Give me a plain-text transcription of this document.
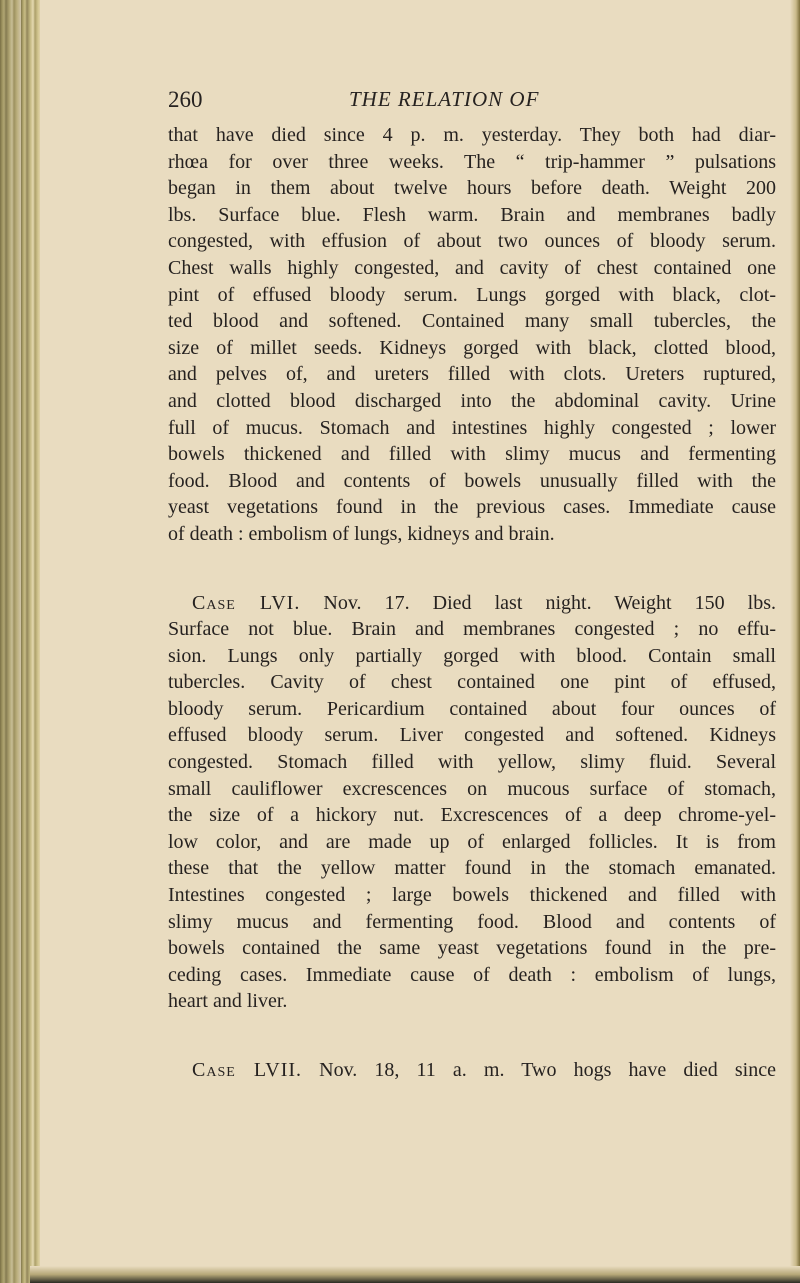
260	THE RELATION OF
that have died since 4 p. m. yesterday. They both had diar-
rhœa for over three weeks. The “ trip-hammer ” pulsations
began in them about twelve hours before death. Weight 200
lbs. Surface blue. Flesh warm. Brain and membranes badly
congested, with effusion of about two ounces of bloody serum.
Chest walls highly congested, and cavity of chest contained one
pint of effused bloody serum. Lungs gorged with black, clot-
ted blood and softened. Contained many small tubercles, the
size of millet seeds. Kidneys gorged with black, clotted blood,
and pelves of, and ureters filled with clots. Ureters ruptured,
and clotted blood discharged into the abdominal cavity. Urine
full of mucus. Stomach and intestines highly congested ; lower
bowels thickened and filled with slimy mucus and fermenting
food. Blood and contents of bowels unusually filled with the
yeast vegetations found in the previous cases. Immediate cause
of death : embolism of lungs, kidneys and brain.
Case LVI. Nov. 17. Died last night. Weight 150 lbs.
Surface not blue. Brain and membranes congested ; no effu-
sion. Lungs only partially gorged with blood. Contain small
tubercles. Cavity of chest contained one pint of effused,
bloody serum. Pericardium contained about four ounces of
effused bloody serum. Liver congested and softened. Kidneys
congested. Stomach filled with yellow, slimy fluid. Several
small cauliflower excrescences on mucous surface of stomach,
the size of a hickory nut. Excrescences of a deep chrome-yel-
low color, and are made up of enlarged follicles. It is from
these that the yellow matter found in the stomach emanated.
Intestines congested ; large bowels thickened and filled with
slimy mucus and fermenting food. Blood and contents of
bowels contained the same yeast vegetations found in the pre-
ceding cases. Immediate cause of death : embolism of lungs,
heart and liver.
Case LVII. Nov. 18, 11 a. m. Two hogs have died since
